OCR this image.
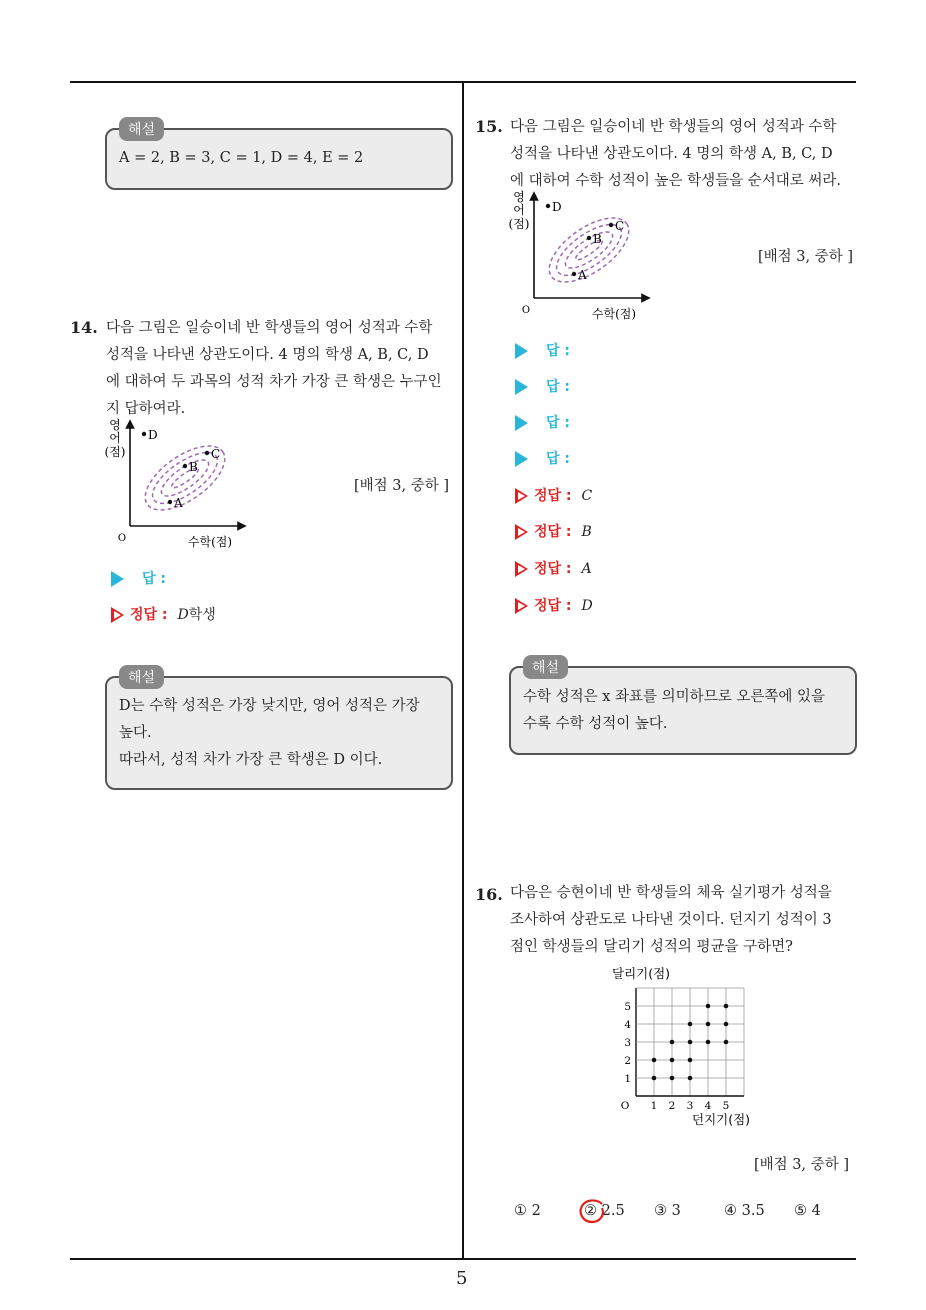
해설
A = 2, B = 3, C = 1, D = 4, E = 2
14. 다음 그림은 일승이네 반 학생들의 영어 성적과 수학
성적을 나타낸 상관도이다. 4 명의 학생 A, B, C, D
에 대하여 두 과목의 성적 차가 가장 큰 학생은 누구인
지 답하여라.
영
어
(점)
O	수학(점)
D
C
B
A
[배점 3, 중하 ]
답 :
정답 : D학생
해설
D는 수학 성적은 가장 낮지만, 영어 성적은 가장
높다.
따라서, 성적 차가 가장 큰 학생은 D 이다.
15. 다음 그림은 일승이네 반 학생들의 영어 성적과 수학
성적을 나타낸 상관도이다. 4 명의 학생 A, B, C, D
에 대하여 수학 성적이 높은 학생들을 순서대로 써라.
영
어
(점)
O	수학(점)
D
C
B
A
[배점 3, 중하 ]
답 :
답 :
답 :
답 :
정답 : C
정답 : B
정답 : A
정답 : D
해설
수학 성적은 x 좌표를 의미하므로 오른쪽에 있을
수록 수학 성적이 높다.
16. 다음은 승현이네 반 학생들의 체육 실기평가 성적을
조사하여 상관도로 나타낸 것이다. 던지기 성적이 3
점인 학생들의 달리기 성적의 평균을 구하면?
1 2 3 4 5
1
2
3
4
5
달리기(점)
던지기(점)
O
[배점 3, 중하 ]
① 2	② 2.5 ③ 3	④ 3.5 ⑤ 4
5
